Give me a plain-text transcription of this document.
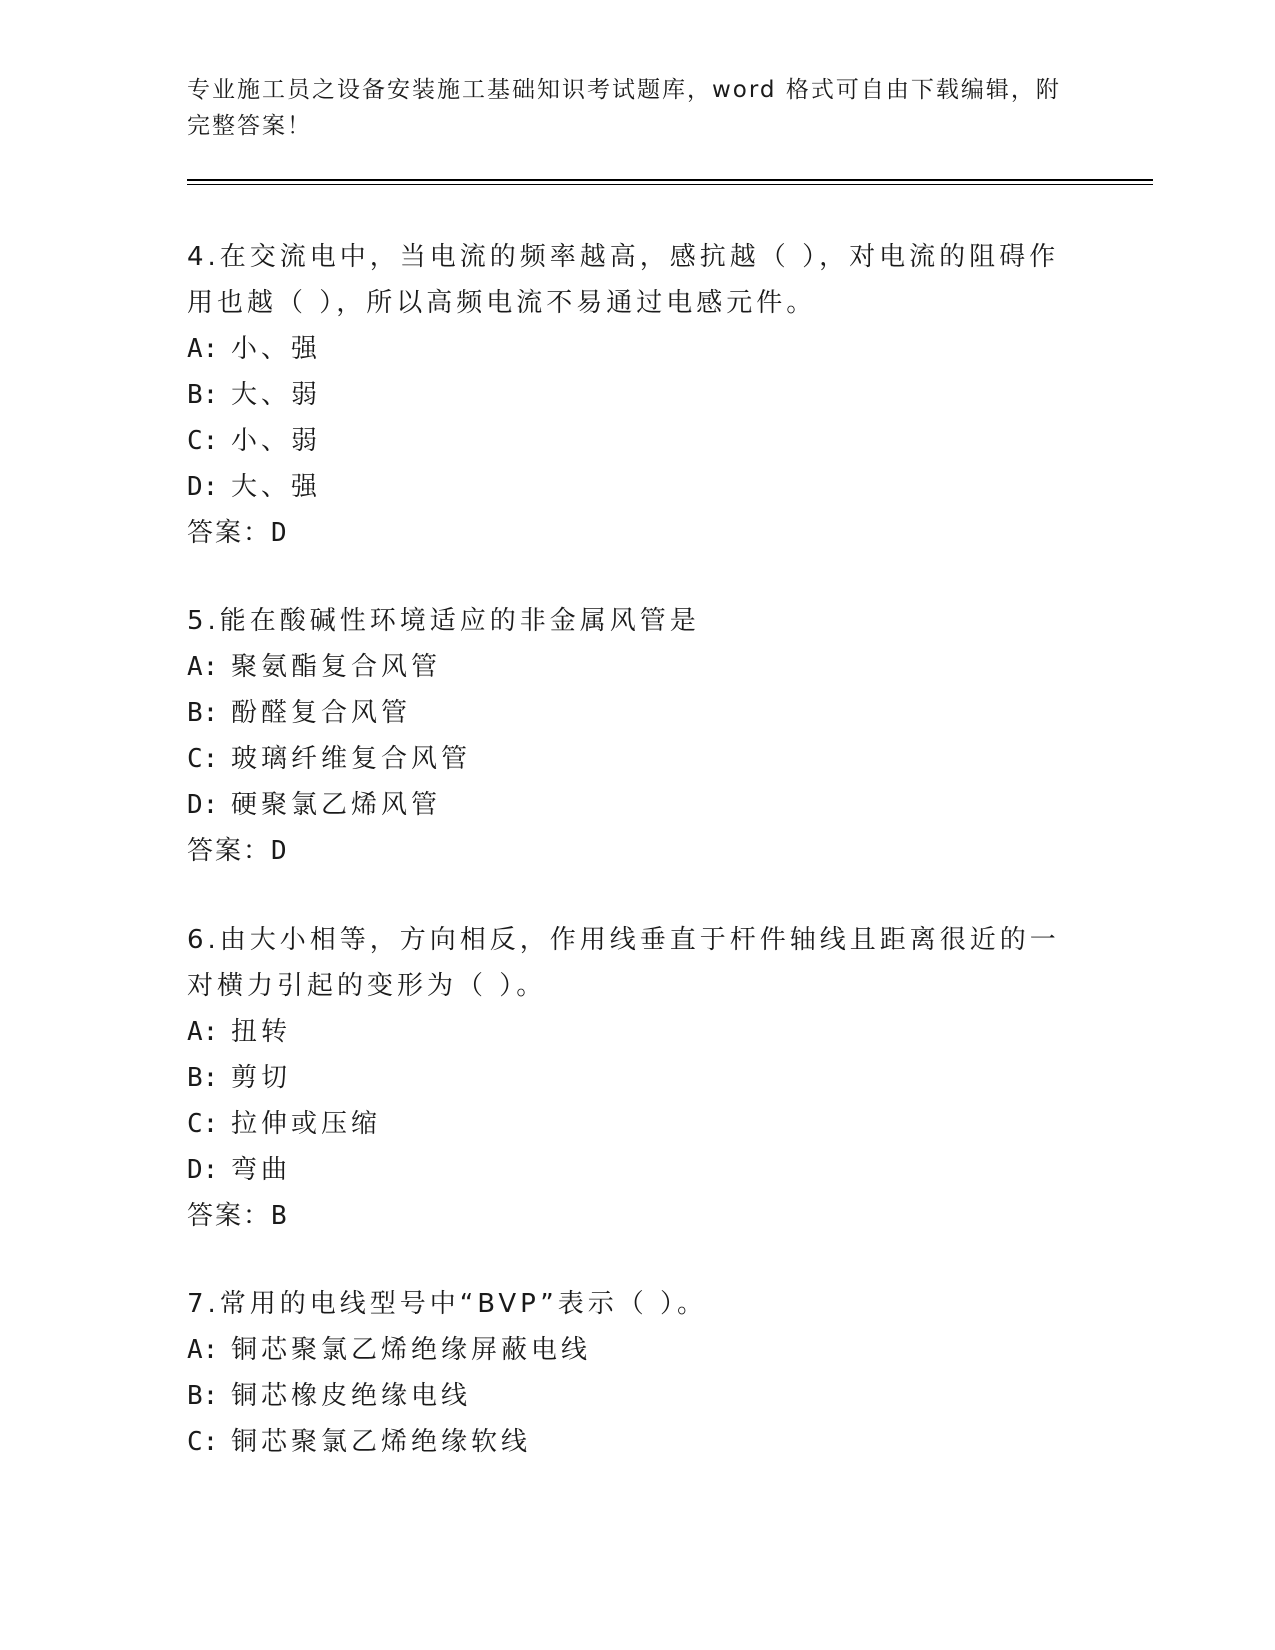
专业施工员之设备安装施工基础知识考试题库，word 格式可自由下载编辑，附完整答案！
4.在交流电中，当电流的频率越高，感抗越（ ），对电流的阻碍作用也越（ ），所以高频电流不易通过电感元件。
A: 小、强
B: 大、弱
C: 小、弱
D: 大、强
答案：D
5.能在酸碱性环境适应的非金属风管是
A: 聚氨酯复合风管
B: 酚醛复合风管
C: 玻璃纤维复合风管
D: 硬聚氯乙烯风管
答案：D
6.由大小相等，方向相反，作用线垂直于杆件轴线且距离很近的一对横力引起的变形为（ ）。
A: 扭转
B: 剪切
C: 拉伸或压缩
D: 弯曲
答案：B
7.常用的电线型号中“BVP”表示（ ）。
A: 铜芯聚氯乙烯绝缘屏蔽电线
B: 铜芯橡皮绝缘电线
C: 铜芯聚氯乙烯绝缘软线
